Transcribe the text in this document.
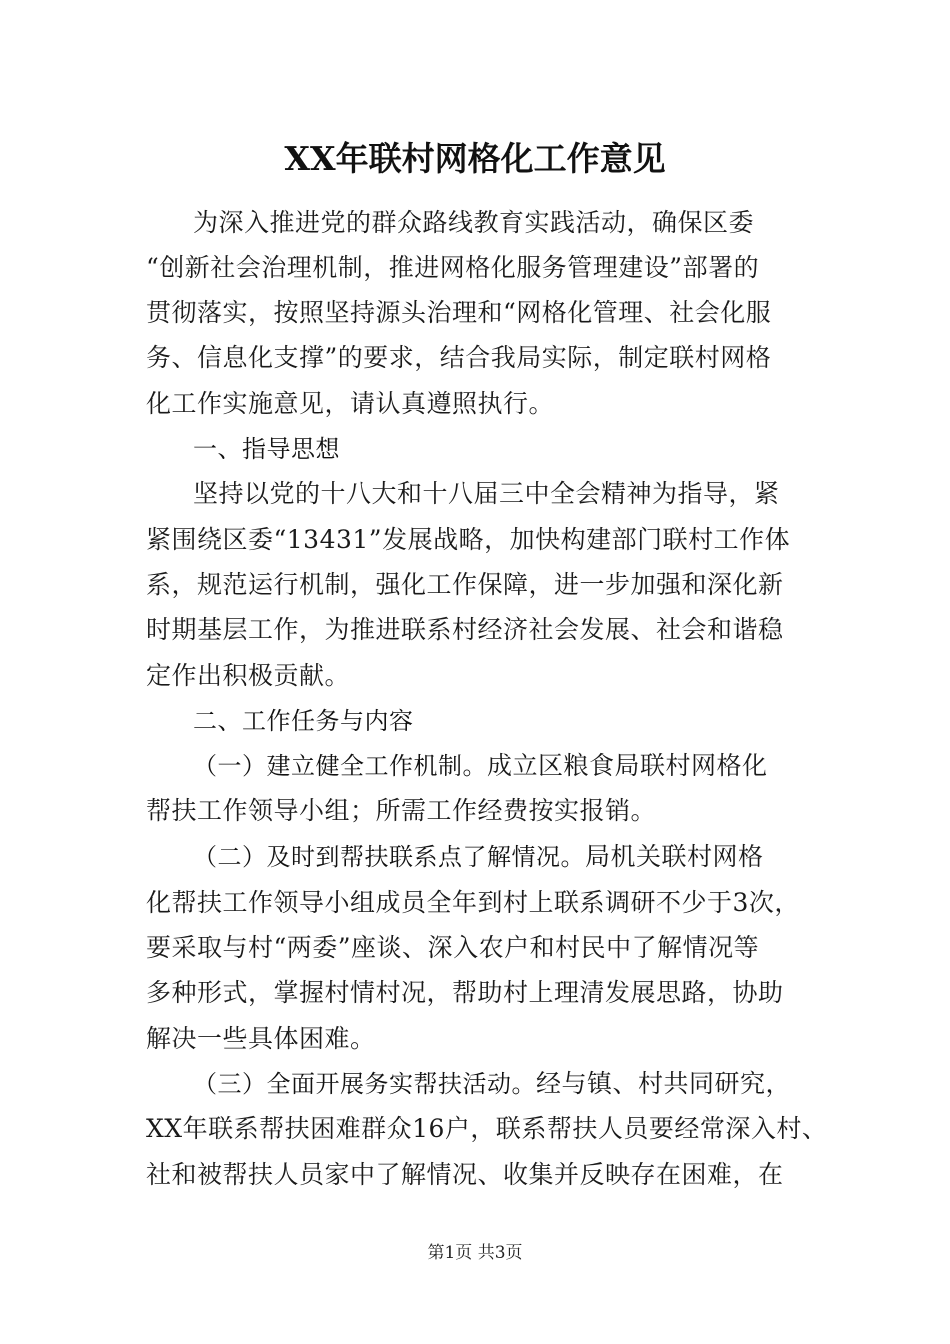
XX年联村网格化工作意见
为深入推进党的群众路线教育实践活动，确保区委
“创新社会治理机制，推进网格化服务管理建设”部署的
贯彻落实，按照坚持源头治理和“网格化管理、社会化服
务、信息化支撑”的要求，结合我局实际，制定联村网格
化工作实施意见，请认真遵照执行。
一、指导思想
坚持以党的十八大和十八届三中全会精神为指导，紧
紧围绕区委“13431”发展战略，加快构建部门联村工作体
系，规范运行机制，强化工作保障，进一步加强和深化新
时期基层工作，为推进联系村经济社会发展、社会和谐稳
定作出积极贡献。
二、工作任务与内容
（一）建立健全工作机制。成立区粮食局联村网格化
帮扶工作领导小组；所需工作经费按实报销。
（二）及时到帮扶联系点了解情况。局机关联村网格
化帮扶工作领导小组成员全年到村上联系调研不少于3次，
要采取与村“两委”座谈、深入农户和村民中了解情况等
多种形式，掌握村情村况，帮助村上理清发展思路，协助
解决一些具体困难。
（三）全面开展务实帮扶活动。经与镇、村共同研究，
XX年联系帮扶困难群众16户，联系帮扶人员要经常深入村、
社和被帮扶人员家中了解情况、收集并反映存在困难，在
第1页 共3页
